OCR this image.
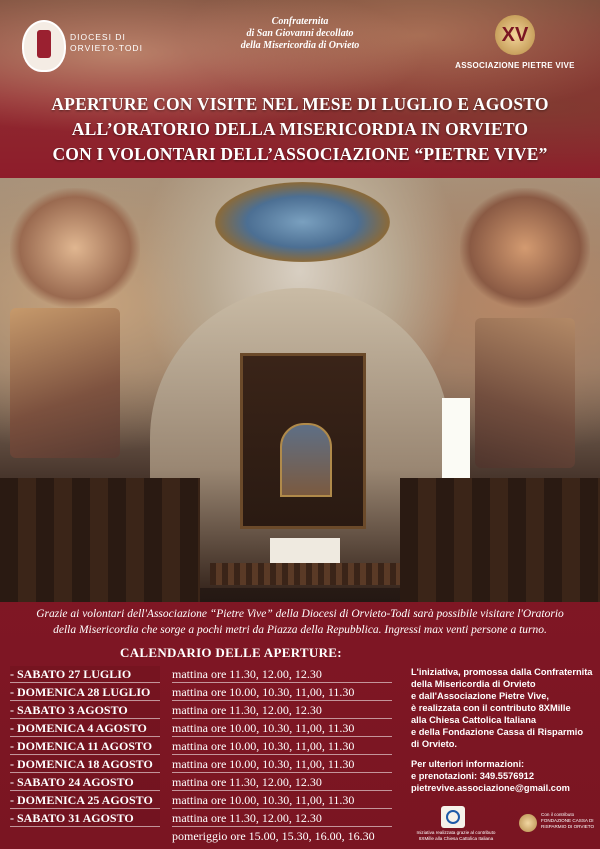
DIOCESI DI
ORVIETO·TODI
Confraternita
di San Giovanni decollato
della Misericordia di Orvieto	XV
ASSOCIAZIONE PIETRE VIVE
APERTURE CON VISITE NEL MESE DI LUGLIO E AGOSTO
ALL’ORATORIO DELLA MISERICORDIA IN ORVIETO
CON I VOLONTARI DELL’ASSOCIAZIONE “PIETRE VIVE”
Grazie ai volontari dell'Associazione “Pietre Vive” della Diocesi di Orvieto-Todi sarà possibile visitare l'Oratorio
della Misericordia che sorge a pochi metri da Piazza della Repubblica. Ingressi max venti persone a turno.
CALENDARIO DELLE APERTURE:
- SABATO 27 LUGLIO	mattina ore 11.30, 12.00, 12.30
- DOMENICA 28 LUGLIO	mattina ore 10.00, 10.30, 11,00, 11.30
- SABATO 3 AGOSTO	mattina ore 11.30, 12.00, 12.30
- DOMENICA 4 AGOSTO	mattina ore 10.00, 10.30, 11,00, 11.30
- DOMENICA 11 AGOSTO	mattina ore 10.00, 10.30, 11,00, 11.30
- DOMENICA 18 AGOSTO	mattina ore 10.00, 10.30, 11,00, 11.30
- SABATO 24 AGOSTO	mattina ore 11.30, 12.00, 12.30
- DOMENICA 25 AGOSTO	mattina ore 10.00, 10.30, 11,00, 11.30
- SABATO 31 AGOSTO	mattina ore 11.30, 12.00, 12.30
pomeriggio ore 15.00, 15.30, 16.00, 16.30

L'iniziativa, promossa dalla Confraternita
della Misericordia di Orvieto
e dall'Associazione Pietre Vive,
è realizzata con il contributo 8XMille
alla Chiesa Cattolica Italiana
e della Fondazione Cassa di Risparmio
di Orvieto.

Per ulteriori informazioni:
e prenotazioni: 349.5576912
pietrevive.associazione@gmail.com

Iniziativa realizzata grazie al contributo 8XMille alla Chiesa Cattolica Italiana
Con il contributo FONDAZIONE CASSA DI RISPARMIO DI ORVIETO
